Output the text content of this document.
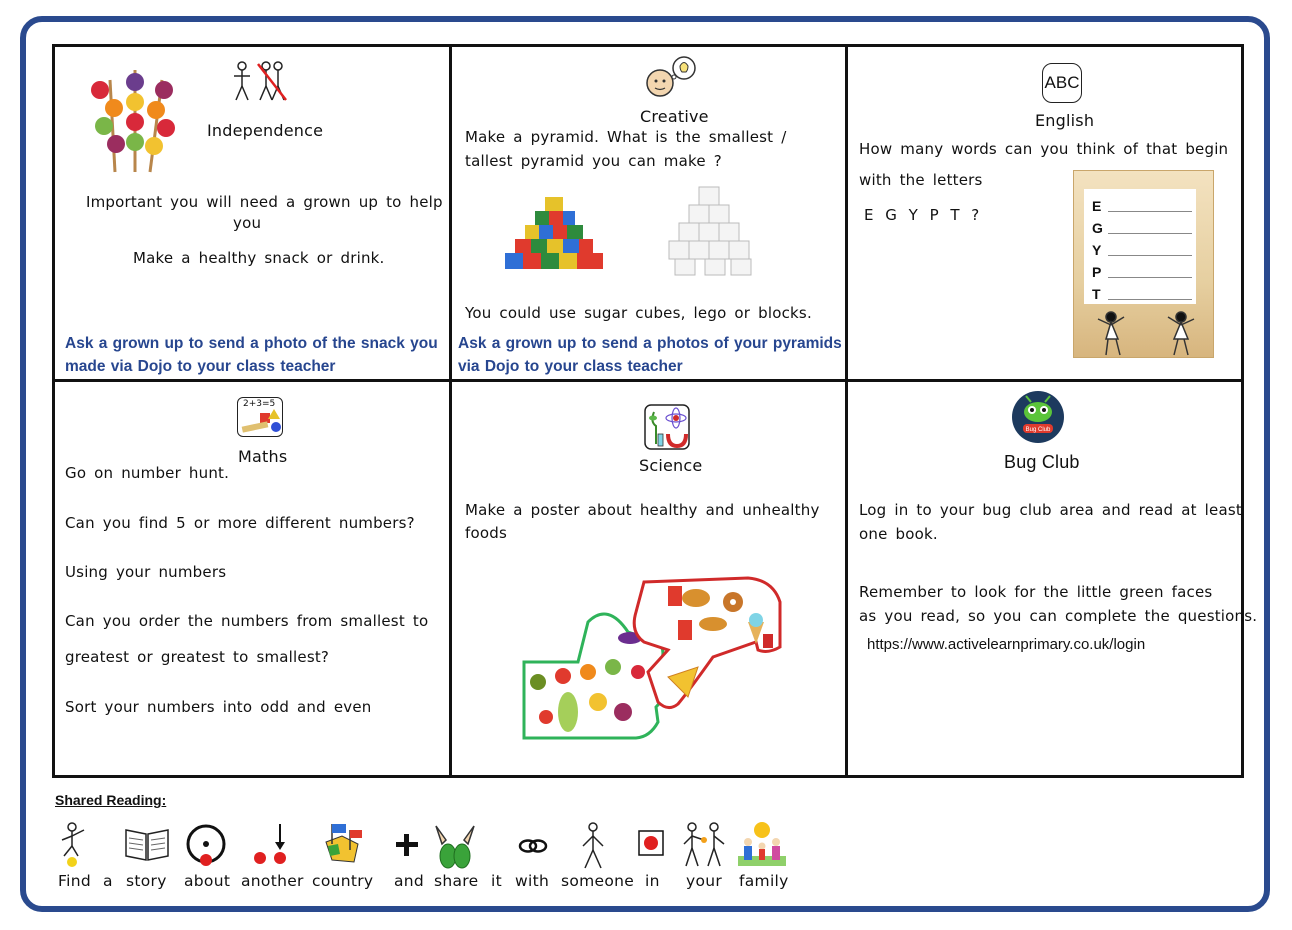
Independence
Important you will need a grown up to help
you
Make a healthy snack or drink.
Ask a grown up to send a photo of the snack you
made via Dojo to your class teacher
Creative
Make a pyramid. What is the smallest /
tallest pyramid you can make ?
You could use sugar cubes, lego or blocks.
Ask a grown up to send a photos of your pyramids
via Dojo to your class teacher
ABC
English
How many words can you think of that begin
with the letters
E G Y P T ?	E
G
Y
P
T
2+3=5
Maths
Go on number hunt.
Can you find 5 or more different numbers?
Using your numbers
Can you order the numbers from smallest to
greatest or greatest to smallest?
Sort your numbers into odd and even
Science
Make a poster about healthy and unhealthy
foods
Bug Club
Bug Club
Log in to your bug club area and read at least
one book.
Remember to look for the little green faces
as you read, so you can complete the questions.
https://www.activelearnprimary.co.uk/login
Shared Reading:
Find a story about another country and share it with someone in your family
